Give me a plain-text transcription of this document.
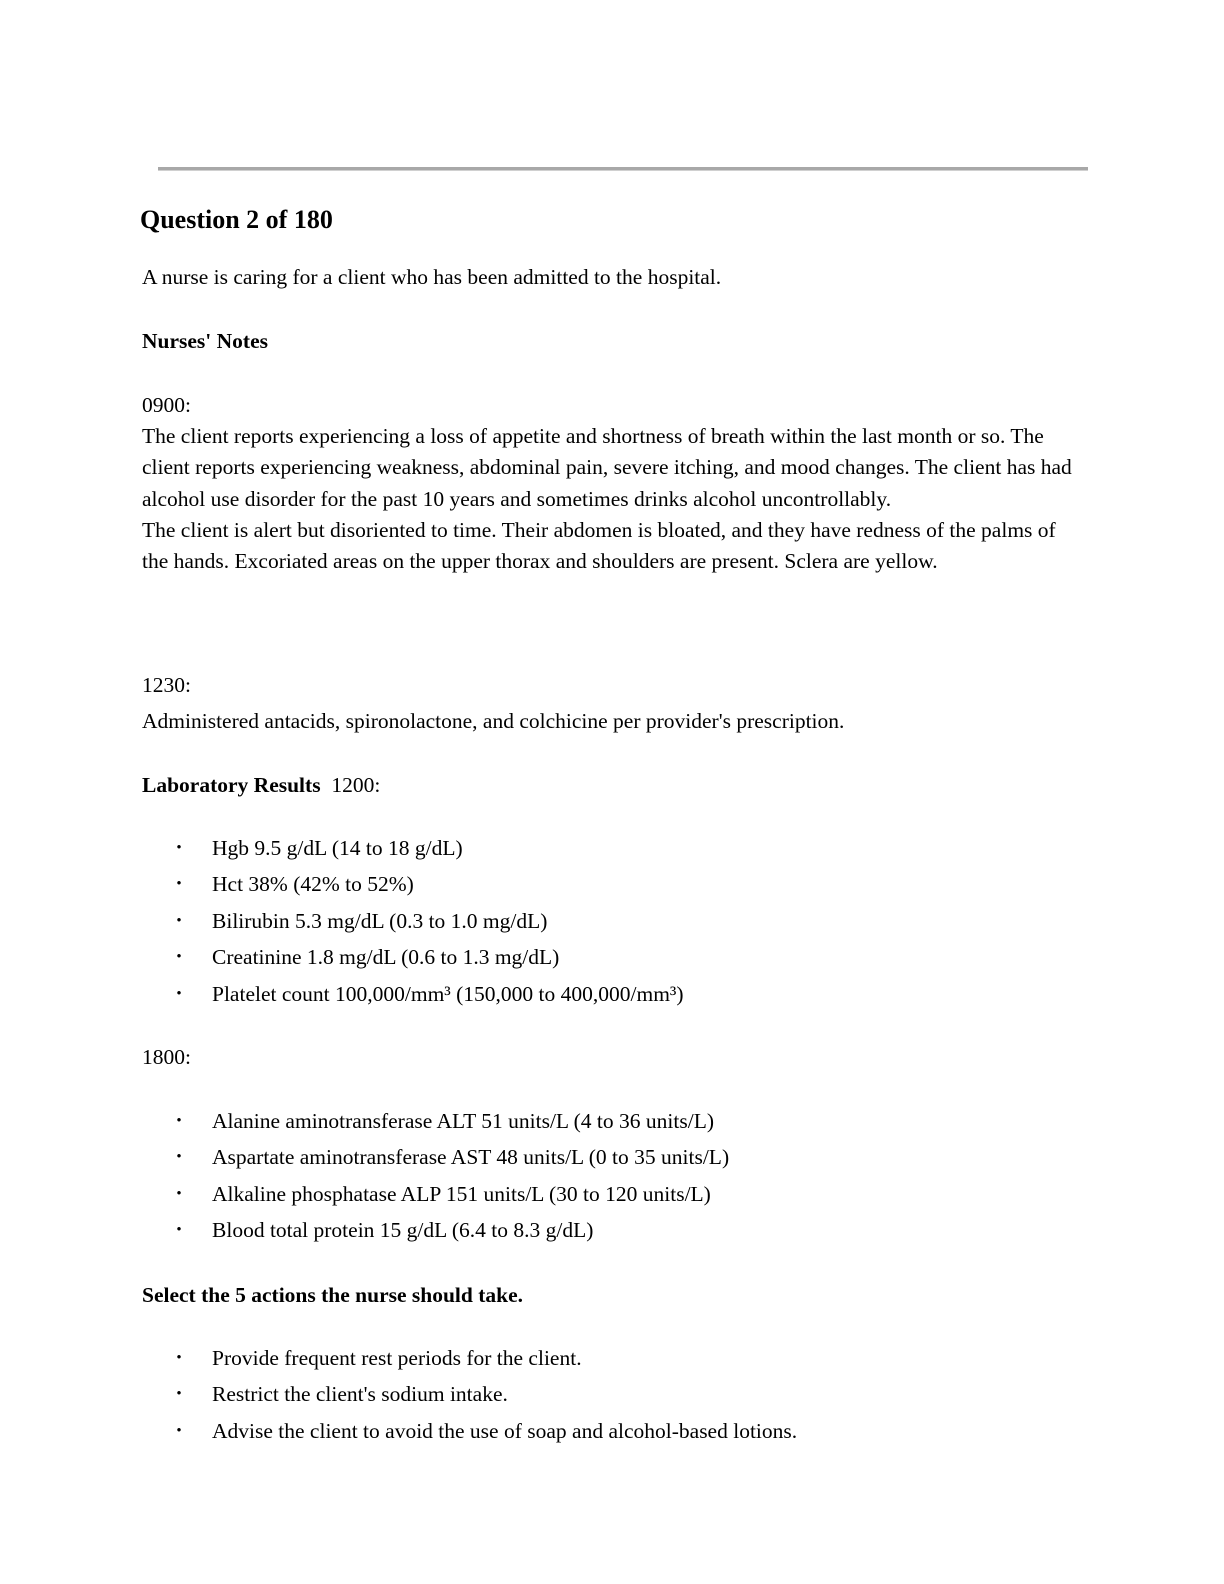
Question 2 of 180

A nurse is caring for a client who has been admitted to the hospital.

Nurses' Notes

0900:

The client reports experiencing a loss of appetite and shortness of breath within the last month or so. The client reports experiencing weakness, abdominal pain, severe itching, and mood changes. The client has had alcohol use disorder for the past 10 years and sometimes drinks alcohol uncontrollably.

The client is alert but disoriented to time. Their abdomen is bloated, and they have redness of the palms of the hands. Excoriated areas on the upper thorax and shoulders are present. Sclera are yellow.

1230:

Administered antacids, spironolactone, and colchicine per provider's prescription.

Laboratory Results 1200:

• Hgb 9.5 g/dL (14 to 18 g/dL)
• Hct 38% (42% to 52%)
• Bilirubin 5.3 mg/dL (0.3 to 1.0 mg/dL)
• Creatinine 1.8 mg/dL (0.6 to 1.3 mg/dL)
• Platelet count 100,000/mm³ (150,000 to 400,000/mm³)

1800:

• Alanine aminotransferase ALT 51 units/L (4 to 36 units/L)
• Aspartate aminotransferase AST 48 units/L (0 to 35 units/L)
• Alkaline phosphatase ALP 151 units/L (30 to 120 units/L)
• Blood total protein 15 g/dL (6.4 to 8.3 g/dL)

Select the 5 actions the nurse should take.

• Provide frequent rest periods for the client.
• Restrict the client's sodium intake.
• Advise the client to avoid the use of soap and alcohol-based lotions.
